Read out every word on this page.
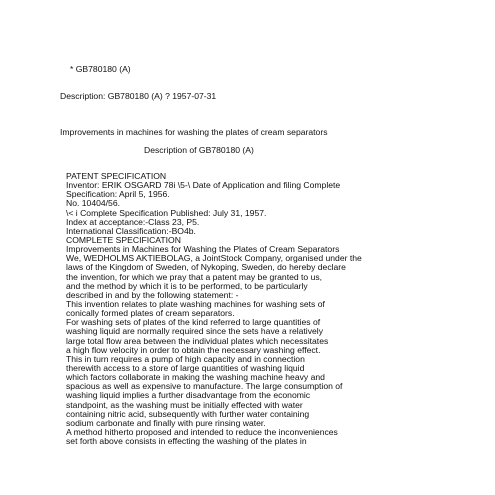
* GB780180 (A)
Description: GB780180 (A) ? 1957-07-31
Improvements in machines for washing the plates of cream separators
Description of GB780180 (A)
PATENT SPECIFICATION
Inventor: ERIK OSGARD 78i \5-\ Date of Application and filing Complete
Specification: April 5, 1956.
No. 10404/56.
\< i Complete Specification Published: July 31, 1957.
Index at acceptance:-Class 23, P5.
International Classification:-BO4b.
COMPLETE SPECIFICATION
Improvements in Machines for Washing the Plates of Cream Separators
We, WEDHOLMS AKTIEBOLAG, a JointStock Company, organised under the
laws of the Kingdom of Sweden, of Nykoping, Sweden, do hereby declare
the invention, for which we pray that a patent may be granted to us,
and the method by which it is to be performed, to be particularly
described in and by the following statement: -
This invention relates to plate washing machines for washing sets of
conically formed plates of cream separators.
For washing sets of plates of the kind referred to large quantities of
washing liquid are normally required since the sets have a relatively
large total flow area between the individual plates which necessitates
a high flow velocity in order to obtain the necessary washing effect.
This in turn requires a pump of high capacity and in connection
therewith access to a store of large quantities of washing liquid
which factors collaborate in making the washing machine heavy and
spacious as well as expensive to manufacture. The large consumption of
washing liquid implies a further disadvantage from the economic
standpoint, as the washing must be initially effected with water
containing nitric acid, subsequently with further water containing
sodium carbonate and finally with pure rinsing water.
A method hitherto proposed and intended to reduce the inconveniences
set forth above consists in effecting the washing of the plates in
